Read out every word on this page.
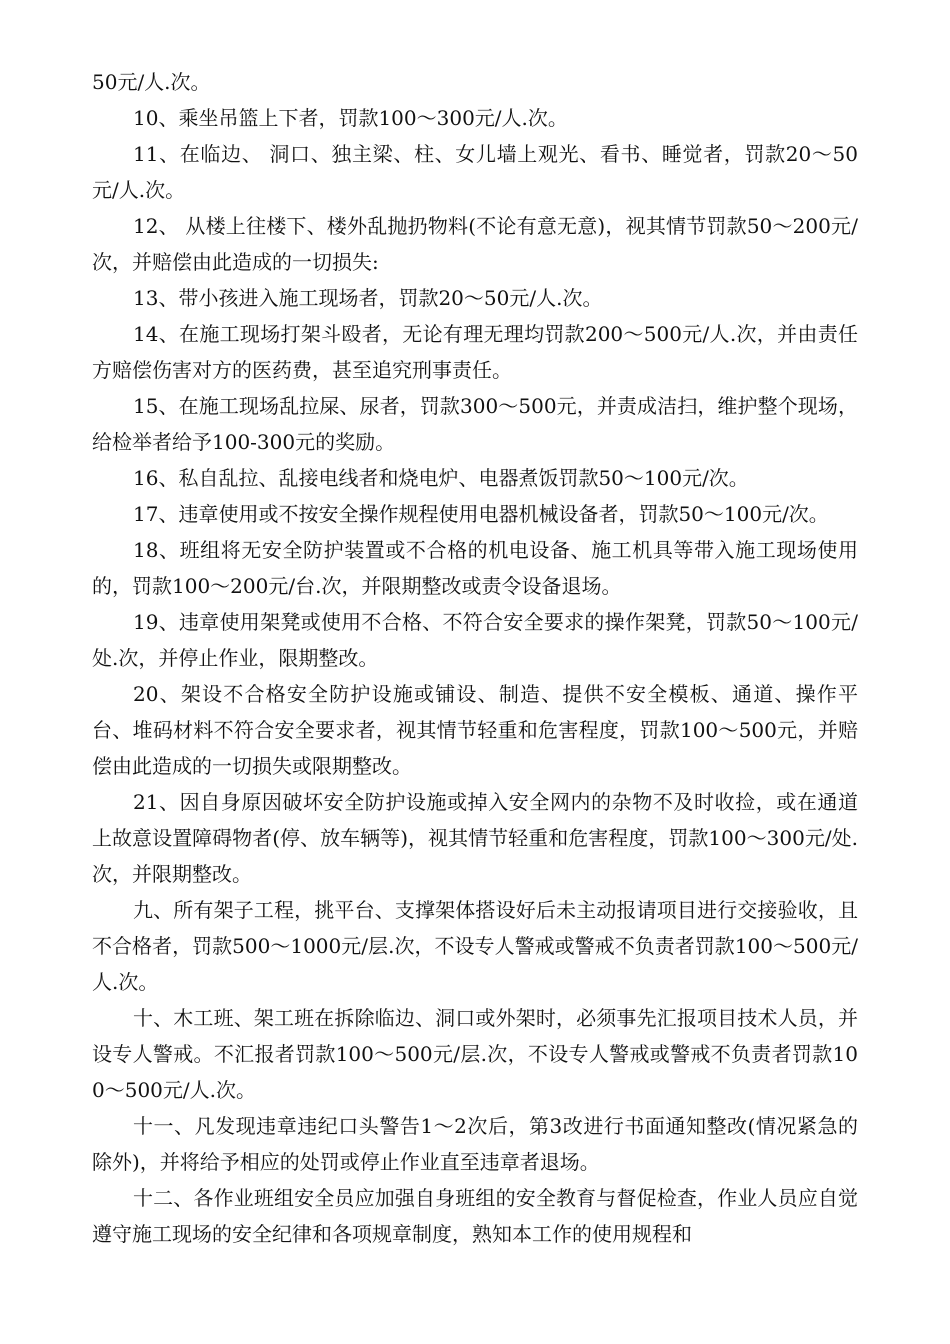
50元/人.次。

10、乘坐吊篮上下者，罚款100～300元/人.次。

11、在临边、 洞口、独主梁、柱、女儿墙上观光、看书、睡觉者，罚款20～50元/人.次。

12、 从楼上往楼下、楼外乱抛扔物料(不论有意无意)，视其情节罚款50～200元/次，并赔偿由此造成的一切损失:

13、带小孩进入施工现场者，罚款20～50元/人.次。

14、在施工现场打架斗殴者，无论有理无理均罚款200～500元/人.次，并由责任方赔偿伤害对方的医药费，甚至追究刑事责任。

15、在施工现场乱拉屎、尿者，罚款300～500元，并责成洁扫，维护整个现场，给检举者给予100-300元的奖励。

16、私自乱拉、乱接电线者和烧电炉、电器煮饭罚款50～100元/次。

17、违章使用或不按安全操作规程使用电器机械设备者，罚款50～100元/次。

18、班组将无安全防护装置或不合格的机电设备、施工机具等带入施工现场使用的，罚款100～200元/台.次，并限期整改或责令设备退场。

19、违章使用架凳或使用不合格、不符合安全要求的操作架凳，罚款50～100元/处.次，并停止作业，限期整改。

20、架设不合格安全防护设施或铺设、制造、提供不安全模板、通道、操作平台、堆码材料不符合安全要求者，视其情节轻重和危害程度，罚款100～500元，并赔偿由此造成的一切损失或限期整改。

21、因自身原因破坏安全防护设施或掉入安全网内的杂物不及时收捡，或在通道上故意设置障碍物者(停、放车辆等)，视其情节轻重和危害程度，罚款100～300元/处.次，并限期整改。

九、所有架子工程，挑平台、支撑架体搭设好后未主动报请项目进行交接验收，且不合格者，罚款500～1000元/层.次，不设专人警戒或警戒不负责者罚款100～500元/人.次。

十、木工班、架工班在拆除临边、洞口或外架时，必须事先汇报项目技术人员，并设专人警戒。不汇报者罚款100～500元/层.次，不设专人警戒或警戒不负责者罚款100～500元/人.次。

十一、凡发现违章违纪口头警告1～2次后，第3改进行书面通知整改(情况紧急的除外)，并将给予相应的处罚或停止作业直至违章者退场。

十二、各作业班组安全员应加强自身班组的安全教育与督促检查，作业人员应自觉遵守施工现场的安全纪律和各项规章制度，熟知本工作的使用规程和
